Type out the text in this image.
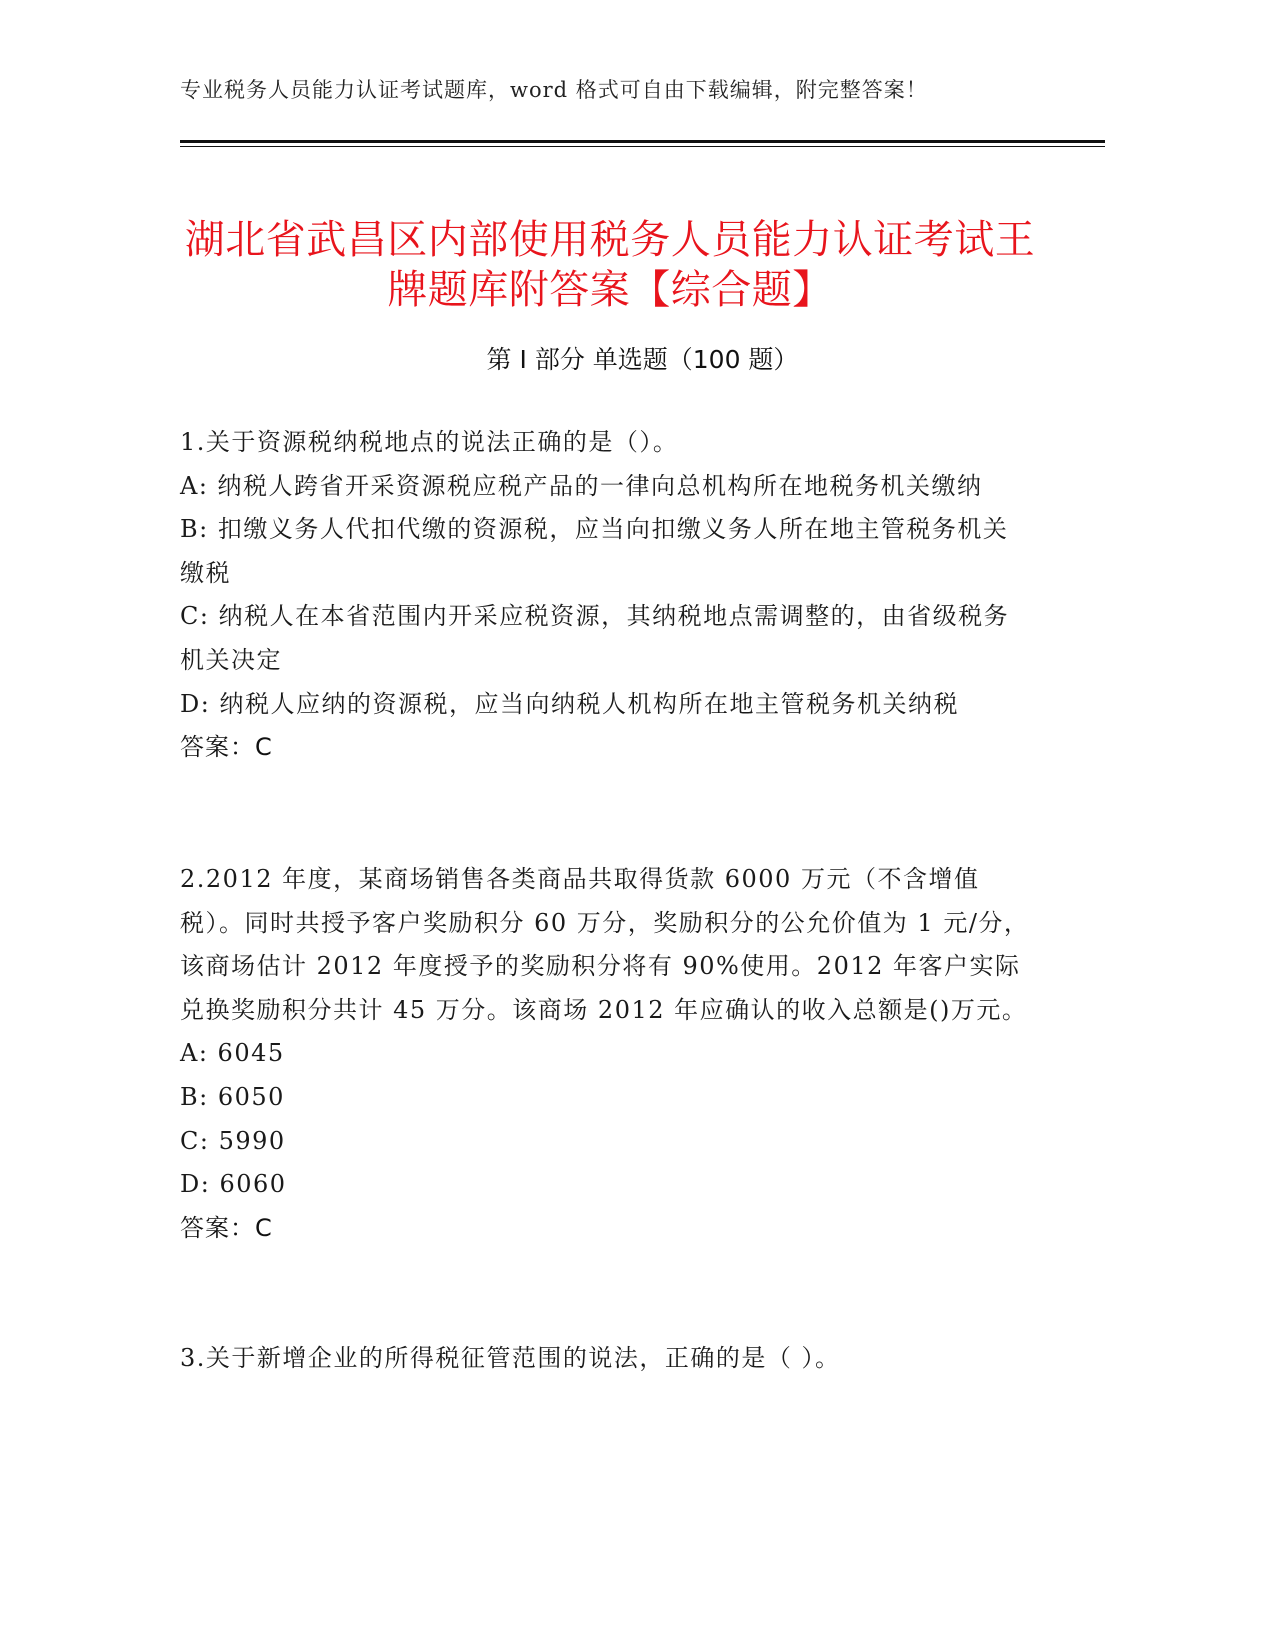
专业税务人员能力认证考试题库，word 格式可自由下载编辑，附完整答案！
湖北省武昌区内部使用税务人员能力认证考试王牌题库附答案【综合题】
第 I 部分 单选题（100 题）

1.关于资源税纳税地点的说法正确的是（）。

A: 纳税人跨省开采资源税应税产品的一律向总机构所在地税务机关缴纳

B: 扣缴义务人代扣代缴的资源税，应当向扣缴义务人所在地主管税务机关缴税

C: 纳税人在本省范围内开采应税资源，其纳税地点需调整的，由省级税务机关决定

D: 纳税人应纳的资源税，应当向纳税人机构所在地主管税务机关纳税

答案：C

2.2012 年度，某商场销售各类商品共取得货款 6000 万元（不含增值税）。同时共授予客户奖励积分 60 万分，奖励积分的公允价值为 1 元/分，该商场估计 2012 年度授予的奖励积分将有 90%使用。2012 年客户实际兑换奖励积分共计 45 万分。该商场 2012 年应确认的收入总额是()万元。

A: 6045

B: 6050

C: 5990

D: 6060

答案：C

3.关于新增企业的所得税征管范围的说法，正确的是（ ）。
